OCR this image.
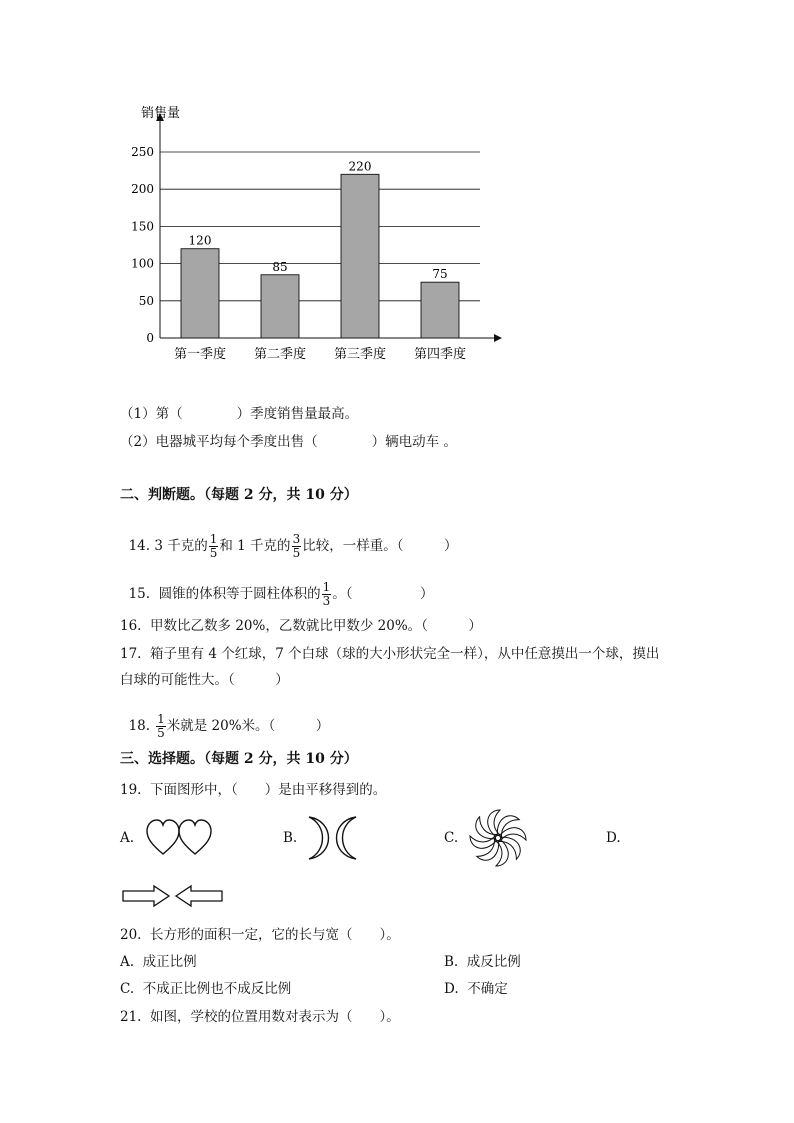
销售量
0
50
100
150
200
250
120
85
220
75
第一季度 第二季度 第三季度 第四季度
（1）第（　　　　）季度销售量最高。
（2）电器城平均每个季度出售（　　　　）辆电动车 。
二、判断题。（每题 2 分，共 10 分）

14. 3 千克的 $\frac{1}{5}$ 和 1 千克的 $\frac{3}{5}$ 比较，一样重。（　　　）

15.  圆锥的体积等于圆柱体积的 $\frac{1}{3}$ 。（　　　　　）

16.  甲数比乙数多 20%，乙数就比甲数少 20%。（　　　）
17.  箱子里有 4 个红球，7 个白球（球的大小形状完全一样），从中任意摸出一个球，摸出
白球的可能性大。（　　　）

18. $\frac{1}{5}$ 米就是 20%米。（　　　）

三、选择题。（每题 2 分，共 10 分）
19.  下面图形中，（　　）是由平移得到的。
A.	B.	C.	D.
20.  长方形的面积一定，它的长与宽（　　）。
A.  成正比例	B.  成反比例
C.  不成正比例也不成反比例	D.  不确定
21.  如图，学校的位置用数对表示为（　　）。
